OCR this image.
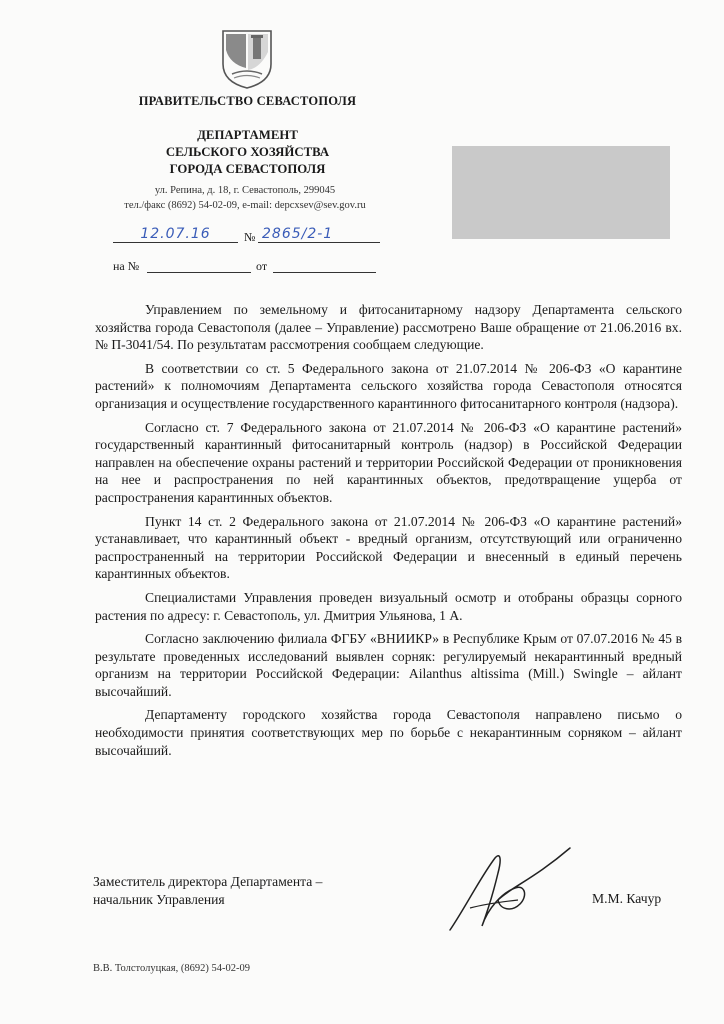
ПРАВИТЕЛЬСТВО СЕВАСТОПОЛЯ
ДЕПАРТАМЕНТ
СЕЛЬСКОГО ХОЗЯЙСТВА
ГОРОДА СЕВАСТОПОЛЯ
ул. Репина, д. 18, г. Севастополь, 299045
тел./факс (8692) 54-02-09, e-mail: depcxsev@sev.gov.ru
12.07.16	№ 2865/2-1
на №	от

Управлением по земельному и фитосанитарному надзору Департамента сельского хозяйства города Севастополя (далее – Управление) рассмотрено Ваше обращение от 21.06.2016 вх. № П-3041/54. По результатам рассмотрения сообщаем следующие.

В соответствии со ст. 5 Федерального закона от 21.07.2014 № 206-ФЗ «О карантине растений» к полномочиям Департамента сельского хозяйства города Севастополя относятся организация и осуществление государственного карантинного фитосанитарного контроля (надзора).

Согласно ст. 7 Федерального закона от 21.07.2014 № 206-ФЗ «О карантине растений» государственный карантинный фитосанитарный контроль (надзор) в Российской Федерации направлен на обеспечение охраны растений и территории Российской Федерации от проникновения на нее и распространения по ней карантинных объектов, предотвращение ущерба от распространения карантинных объектов.

Пункт 14 ст. 2 Федерального закона от 21.07.2014 № 206-ФЗ «О карантине растений» устанавливает, что карантинный объект - вредный организм, отсутствующий или ограниченно распространенный на территории Российской Федерации и внесенный в единый перечень карантинных объектов.

Специалистами Управления проведен визуальный осмотр и отобраны образцы сорного растения по адресу: г. Севастополь, ул. Дмитрия Ульянова, 1 А.

Согласно заключению филиала ФГБУ «ВНИИКР» в Республике Крым от 07.07.2016 № 45 в результате проведенных исследований выявлен сорняк: регулируемый некарантинный вредный организм на территории Российской Федерации: Ailanthus altissima (Mill.) Swingle – айлант высочайший.

Департаменту городского хозяйства города Севастополя направлено письмо о необходимости принятия соответствующих мер по борьбе с некарантинным сорняком – айлант высочайший.

Заместитель директора Департамента –
начальник Управления	М.М. Качур
В.В. Толстолуцкая, (8692) 54-02-09
